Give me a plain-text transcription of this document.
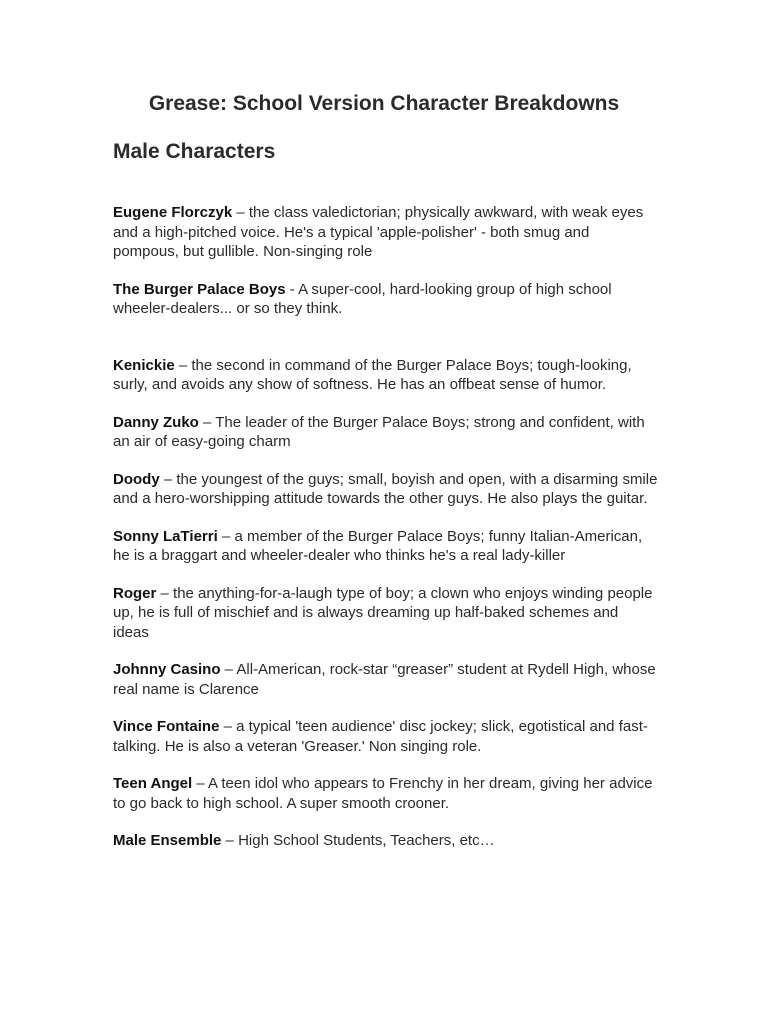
Grease: School Version Character Breakdowns
Male Characters

Eugene Florczyk – the class valedictorian; physically awkward, with weak eyes and a high-pitched voice. He's a typical 'apple-polisher' - both smug and pompous, but gullible. Non-singing role

The Burger Palace Boys - A super-cool, hard-looking group of high school wheeler-dealers... or so they think.

Kenickie – the second in command of the Burger Palace Boys; tough-looking, surly, and avoids any show of softness. He has an offbeat sense of humor.

Danny Zuko – The leader of the Burger Palace Boys; strong and confident, with an air of easy-going charm

Doody – the youngest of the guys; small, boyish and open, with a disarming smile and a hero-worshipping attitude towards the other guys. He also plays the guitar.

Sonny LaTierri – a member of the Burger Palace Boys; funny Italian-American, he is a braggart and wheeler-dealer who thinks he's a real lady-killer

Roger – the anything-for-a-laugh type of boy; a clown who enjoys winding people up, he is full of mischief and is always dreaming up half-baked schemes and ideas

Johnny Casino – All-American, rock-star “greaser” student at Rydell High, whose real name is Clarence

Vince Fontaine – a typical 'teen audience' disc jockey; slick, egotistical and fast-talking. He is also a veteran 'Greaser.' Non singing role.

Teen Angel – A teen idol who appears to Frenchy in her dream, giving her advice to go back to high school. A super smooth crooner.

Male Ensemble – High School Students, Teachers, etc…
